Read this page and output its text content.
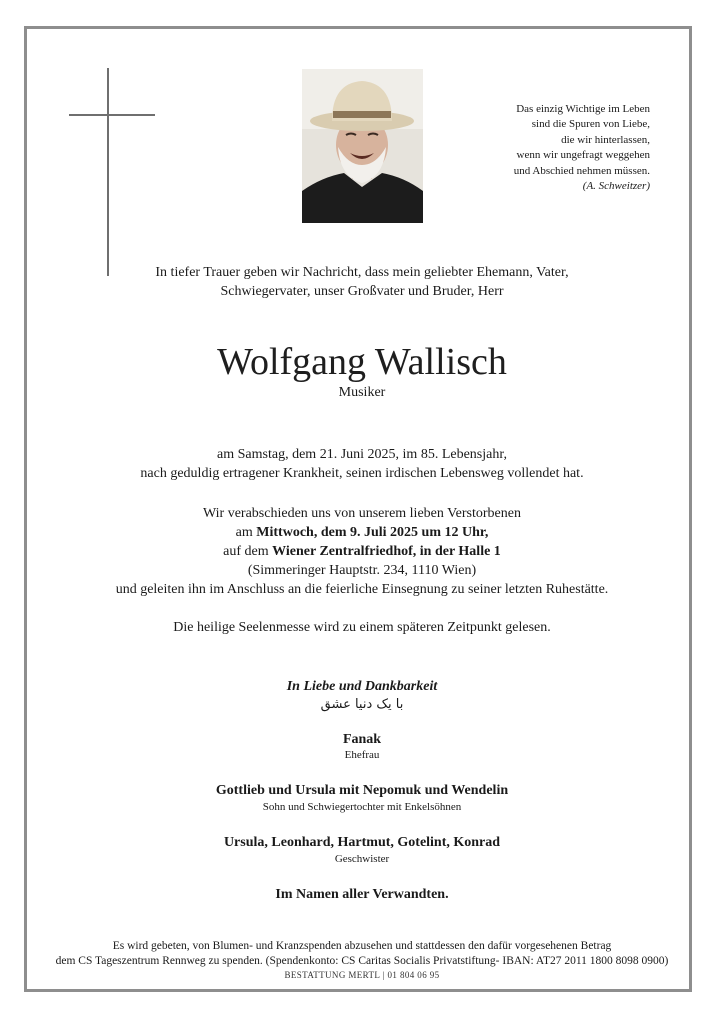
Das einzig Wichtige im Leben
sind die Spuren von Liebe,
die wir hinterlassen,
wenn wir ungefragt weggehen
und Abschied nehmen müssen.
(A. Schweitzer)
In tiefer Trauer geben wir Nachricht, dass mein geliebter Ehemann, Vater,
Schwiegervater, unser Großvater und Bruder, Herr
Wolfgang Wallisch
Musiker
am Samstag, dem 21. Juni 2025, im 85. Lebensjahr,
nach geduldig ertragener Krankheit, seinen irdischen Lebensweg vollendet hat.
Wir verabschieden uns von unserem lieben Verstorbenen
am Mittwoch, dem 9. Juli 2025 um 12 Uhr,
auf dem Wiener Zentralfriedhof, in der Halle 1
(Simmeringer Hauptstr. 234, 1110 Wien)
und geleiten ihn im Anschluss an die feierliche Einsegnung zu seiner letzten Ruhestätte.
Die heilige Seelenmesse wird zu einem späteren Zeitpunkt gelesen.
In Liebe und Dankbarkeit
با یک دنیا عشق
Fanak
Ehefrau
Gottlieb und Ursula mit Nepomuk und Wendelin
Sohn und Schwiegertochter mit Enkelsöhnen
Ursula, Leonhard, Hartmut, Gotelint, Konrad
Geschwister
Im Namen aller Verwandten.
Es wird gebeten, von Blumen- und Kranzspenden abzusehen und stattdessen den dafür vorgesehenen Betrag
dem CS Tageszentrum Rennweg zu spenden. (Spendenkonto: CS Caritas Socialis Privatstiftung- IBAN: AT27 2011 1800 8098 0900)
BESTATTUNG MERTL | 01 804 06 95
